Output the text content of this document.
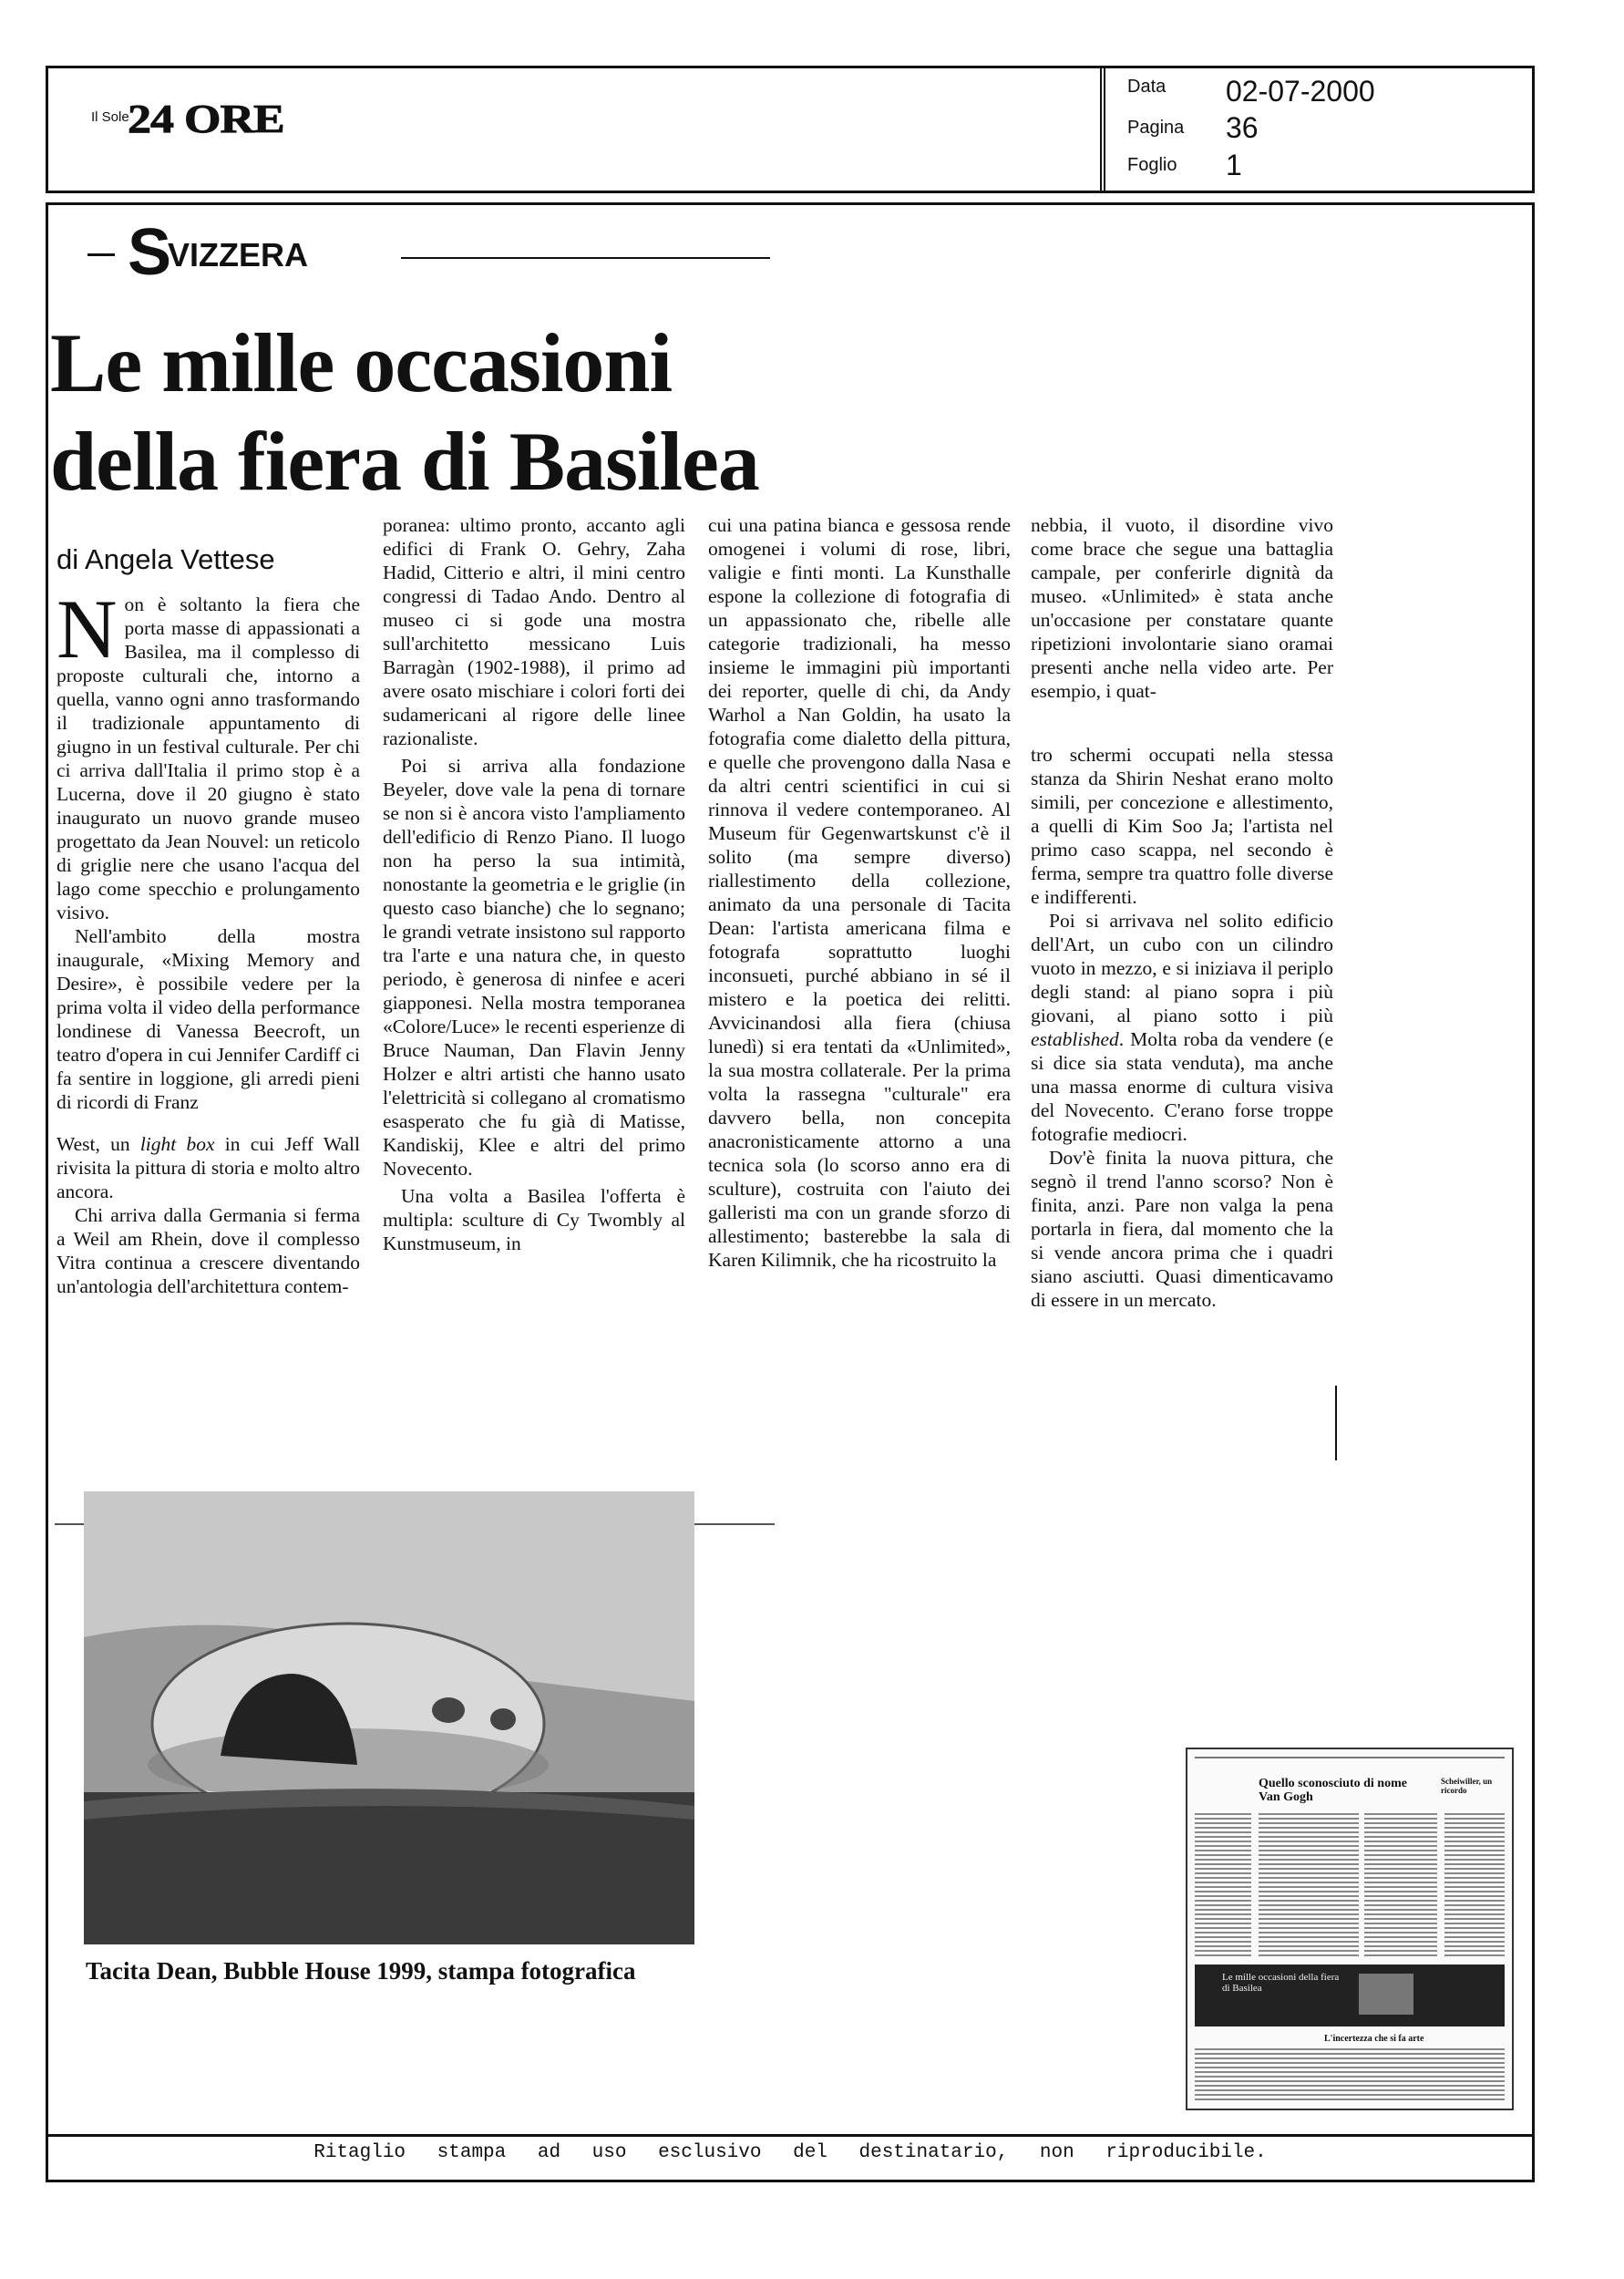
Il Sole
24 ORE
Data
Pagina
Foglio
02-07-2000
36
1
S
VIZZERA
Le mille occasioni
della fiera di Basilea
di Angela Vettese

Non è soltanto la fiera che porta masse di appassionati a Basilea, ma il complesso di proposte culturali che, intorno a quella, vanno ogni anno trasformando il tradizionale appuntamento di giugno in un festival culturale. Per chi ci arriva dall'Italia il primo stop è a Lucerna, dove il 20 giugno è stato inaugurato un nuovo grande museo progettato da Jean Nouvel: un reticolo di griglie nere che usano l'acqua del lago come specchio e prolungamento visivo.

Nell'ambito della mostra inaugurale, «Mixing Memory and Desire», è possibile vedere per la prima volta il video della performance londinese di Vanessa Beecroft, un teatro d'opera in cui Jennifer Cardiff ci fa sentire in loggione, gli arredi pieni di ricordi di Franz

West, un light box in cui Jeff Wall rivisita la pittura di storia e molto altro ancora.

Chi arriva dalla Germania si ferma a Weil am Rhein, dove il complesso Vitra continua a crescere diventando un'antologia dell'architettura contem-

poranea: ultimo pronto, accanto agli edifici di Frank O. Gehry, Zaha Hadid, Citterio e altri, il mini centro congressi di Tadao Ando. Dentro al museo ci si gode una mostra sull'architetto messicano Luis Barragàn (1902-1988), il primo ad avere osato mischiare i colori forti dei sudamericani al rigore delle linee razionaliste.

Poi si arriva alla fondazione Beyeler, dove vale la pena di tornare se non si è ancora visto l'ampliamento dell'edificio di Renzo Piano. Il luogo non ha perso la sua intimità, nonostante la geometria e le griglie (in questo caso bianche) che lo segnano; le grandi vetrate insistono sul rapporto tra l'arte e una natura che, in questo periodo, è generosa di ninfee e aceri giapponesi. Nella mostra temporanea «Colore/Luce» le recenti esperienze di Bruce Nauman, Dan Flavin Jenny Holzer e altri artisti che hanno usato l'elettricità si collegano al cromatismo esasperato che fu già di Matisse, Kandiskij, Klee e altri del primo Novecento.

Una volta a Basilea l'offerta è multipla: sculture di Cy Twombly al Kunstmuseum, in

cui una patina bianca e gessosa rende omogenei i volumi di rose, libri, valigie e finti monti. La Kunsthalle espone la collezione di fotografia di un appassionato che, ribelle alle categorie tradizionali, ha messo insieme le immagini più importanti dei reporter, quelle di chi, da Andy Warhol a Nan Goldin, ha usato la fotografia come dialetto della pittura, e quelle che provengono dalla Nasa e da altri centri scientifici in cui si rinnova il vedere contemporaneo. Al Museum für Gegenwartskunst c'è il solito (ma sempre diverso) riallestimento della collezione, animato da una personale di Tacita Dean: l'artista americana filma e fotografa soprattutto luoghi inconsueti, purché abbiano in sé il mistero e la poetica dei relitti. Avvicinandosi alla fiera (chiusa lunedì) si era tentati da «Unlimited», la sua mostra collaterale. Per la prima volta la rassegna "culturale" era davvero bella, non concepita anacronisticamente attorno a una tecnica sola (lo scorso anno era di sculture), costruita con l'aiuto dei galleristi ma con un grande sforzo di allestimento; basterebbe la sala di Karen Kilimnik, che ha ricostruito la

nebbia, il vuoto, il disordine vivo come brace che segue una battaglia campale, per conferirle dignità da museo. «Unlimited» è stata anche un'occasione per constatare quante ripetizioni involontarie siano oramai presenti anche nella video arte. Per esempio, i quat-

tro schermi occupati nella stessa stanza da Shirin Neshat erano molto simili, per concezione e allestimento, a quelli di Kim Soo Ja; l'artista nel primo caso scappa, nel secondo è ferma, sempre tra quattro folle diverse e indifferenti.

Poi si arrivava nel solito edificio dell'Art, un cubo con un cilindro vuoto in mezzo, e si iniziava il periplo degli stand: al piano sopra i più giovani, al piano sotto i più established. Molta roba da vendere (e si dice sia stata venduta), ma anche una massa enorme di cultura visiva del Novecento. C'erano forse troppe fotografie mediocri.

Dov'è finita la nuova pittura, che segnò il trend l'anno scorso? Non è finita, anzi. Pare non valga la pena portarla in fiera, dal momento che la si vende ancora prima che i quadri siano asciutti. Quasi dimenticavamo di essere in un mercato.

Tacita Dean, Bubble House 1999, stampa fotografica
Quello sconosciuto di nome Van Gogh
Scheiwiller, un ricordo
Le mille occasioni della fiera di Basilea
L'incertezza che si fa arte
Ritaglio stampa ad uso esclusivo del destinatario, non riproducibile.
